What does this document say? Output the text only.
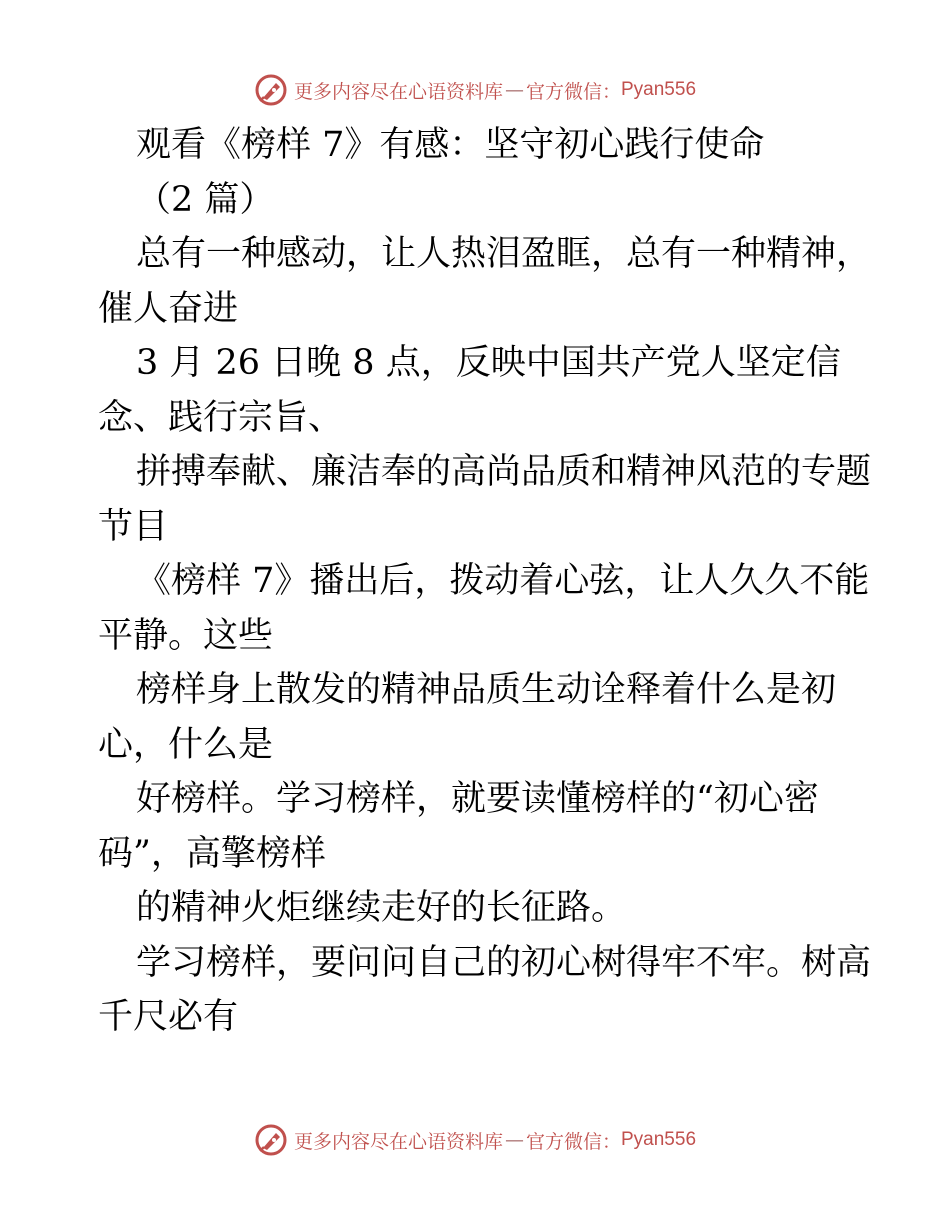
更多内容尽在心语资料库 — 官方微信： Pyan556
观看《榜样 7》有感：坚守初心践行使命
（2 篇）
总有一种感动，让人热泪盈眶，总有一种精神，
催人奋进
3 月 26 日晚 8 点，反映中国共产党人坚定信
念、践行宗旨、
拼搏奉献、廉洁奉的高尚品质和精神风范的专题
节目
《榜样 7》播出后，拨动着心弦，让人久久不能
平静。这些
榜样身上散发的精神品质生动诠释着什么是初
心，什么是
好榜样。学习榜样，就要读懂榜样的“初心密
码”，高擎榜样
的精神火炬继续走好的长征路。
学习榜样，要问问自己的初心树得牢不牢。树高
千尺必有
更多内容尽在心语资料库 — 官方微信： Pyan556
